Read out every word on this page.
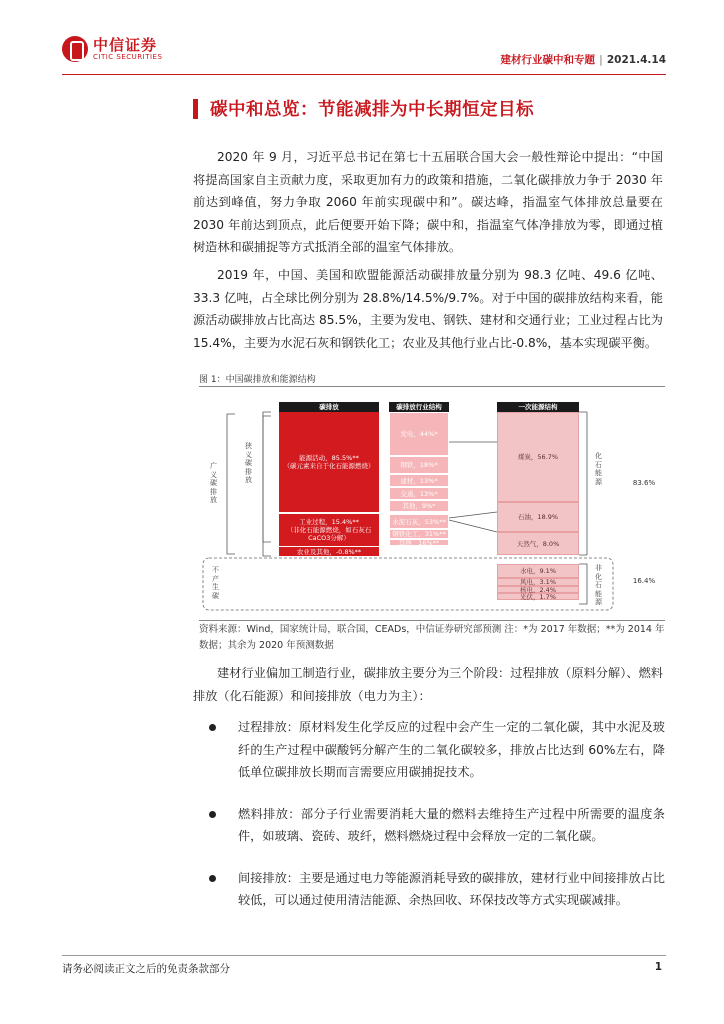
中信证券
CITIC SECURITIES	建材行业碳中和专题 | 2021.4.14
碳中和总览：节能减排为中长期恒定目标
2020 年 9 月，习近平总书记在第七十五届联合国大会一般性辩论中提出：“中国将提高国家自主贡献力度，采取更加有力的政策和措施，二氧化碳排放力争于 2030 年前达到峰值，努力争取 2060 年前实现碳中和”。碳达峰，指温室气体排放总量要在 2030 年前达到顶点，此后便要开始下降；碳中和，指温室气体净排放为零，即通过植树造林和碳捕捉等方式抵消全部的温室气体排放。
2019 年，中国、美国和欧盟能源活动碳排放量分别为 98.3 亿吨、49.6 亿吨、33.3 亿吨，占全球比例分别为 28.8%/14.5%/9.7%。对于中国的碳排放结构来看，能源活动碳排放占比高达 85.5%，主要为发电、钢铁、建材和交通行业；工业过程占比为 15.4%，主要为水泥石灰和钢铁化工；农业及其他行业占比-0.8%，基本实现碳平衡。
图 1：中国碳排放和能源结构
碳排放	碳排放行业结构	一次能源结构
能源活动，85.5%**
（碳元素来自于化石能源燃烧）
工业过程，15.4%**
（非化石能源燃烧，如石灰石
CaCO3分解）
农业及其他，-0.8%**
发电，44%*
钢铁，18%*
建材，13%*
交通，13%*
其他，9%*
水泥石灰，53%**
钢铁化工，31%**
其他，16%**
煤炭，56.7%
石油，18.9%
天然气，8.0%
水电，9.1%
风电，3.1%
核电，2.4%
光伏，1.7%
狭义碳排放
广义碳排放
不产生碳
化石能源
非化石能源
83.6%
16.4%
资料来源：Wind，国家统计局，联合国，CEADs，中信证券研究部预测 注：*为 2017 年数据；**为 2014 年数据；其余为 2020 年预测数据
建材行业偏加工制造行业，碳排放主要分为三个阶段：过程排放（原料分解）、燃料排放（化石能源）和间接排放（电力为主）：
过程排放：原材料发生化学反应的过程中会产生一定的二氧化碳，其中水泥及玻纤的生产过程中碳酸钙分解产生的二氧化碳较多，排放占比达到 60%左右，降低单位碳排放长期而言需要应用碳捕捉技术。
燃料排放：部分子行业需要消耗大量的燃料去维持生产过程中所需要的温度条件，如玻璃、瓷砖、玻纤，燃料燃烧过程中会释放一定的二氧化碳。
间接排放：主要是通过电力等能源消耗导致的碳排放，建材行业中间接排放占比较低，可以通过使用清洁能源、余热回收、环保技改等方式实现碳减排。
请务必阅读正文之后的免责条款部分	1
